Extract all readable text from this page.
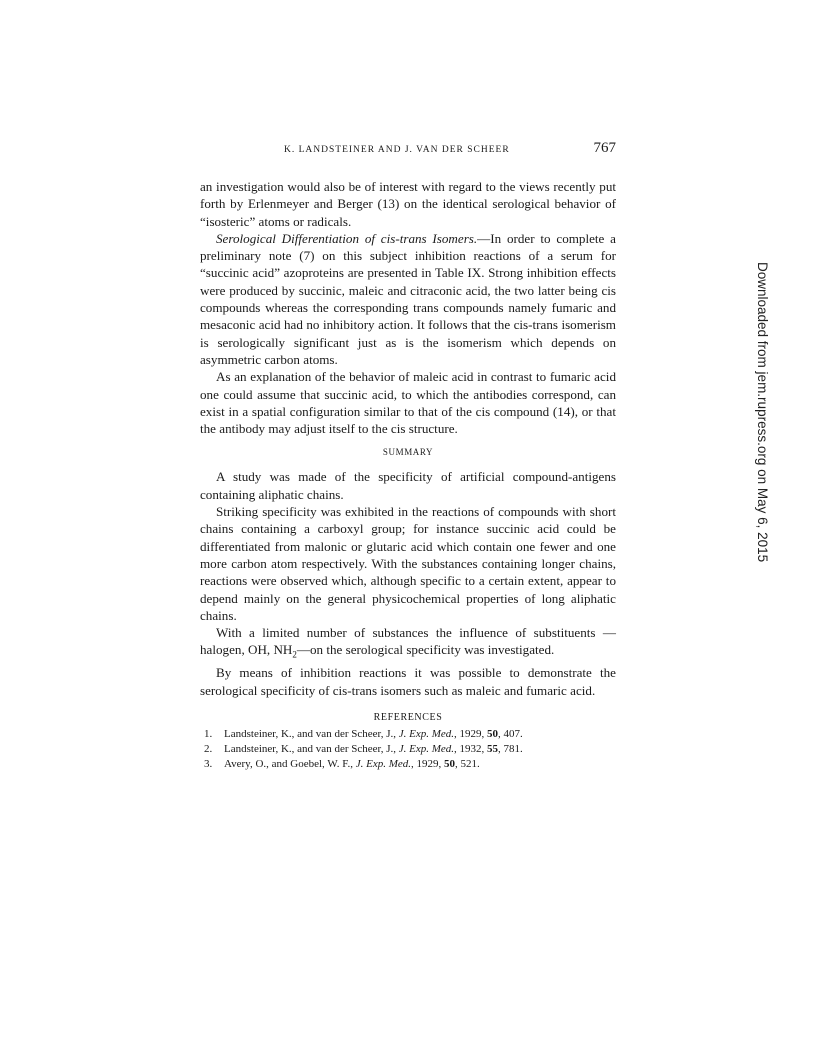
K. LANDSTEINER AND J. VAN DER SCHEER	767

an investigation would also be of interest with regard to the views recently put forth by Erlenmeyer and Berger (13) on the identical serological behavior of “isosteric” atoms or radicals.

Serological Differentiation of cis-trans Isomers.—In order to complete a preliminary note (7) on this subject inhibition reactions of a serum for “succinic acid” azoproteins are presented in Table IX. Strong inhibition effects were produced by succinic, maleic and citraconic acid, the two latter being cis compounds whereas the corresponding trans compounds namely fumaric and mesaconic acid had no inhibitory action. It follows that the cis-trans isomerism is serologically significant just as is the isomerism which depends on asymmetric carbon atoms.

As an explanation of the behavior of maleic acid in contrast to fumaric acid one could assume that succinic acid, to which the antibodies correspond, can exist in a spatial configuration similar to that of the cis compound (14), or that the antibody may adjust itself to the cis structure.

SUMMARY

A study was made of the specificity of artificial compound-antigens containing aliphatic chains.

Striking specificity was exhibited in the reactions of compounds with short chains containing a carboxyl group; for instance succinic acid could be differentiated from malonic or glutaric acid which contain one fewer and one more carbon atom respectively. With the substances containing longer chains, reactions were observed which, although specific to a certain extent, appear to depend mainly on the general physicochemical properties of long aliphatic chains.

With a limited number of substances the influence of substituents —halogen, OH, $NH_2—on$ the serological specificity was investigated.

By means of inhibition reactions it was possible to demonstrate the serological specificity of cis-trans isomers such as maleic and fumaric acid.

REFERENCES
1. Landsteiner, K., and van der Scheer, J., J. Exp. Med., 1929, 50, 407.
2. Landsteiner, K., and van der Scheer, J., J. Exp. Med., 1932, 55, 781.
3. Avery, O., and Goebel, W. F., J. Exp. Med., 1929, 50, 521.
Downloaded from jem.rupress.org on May 6, 2015
